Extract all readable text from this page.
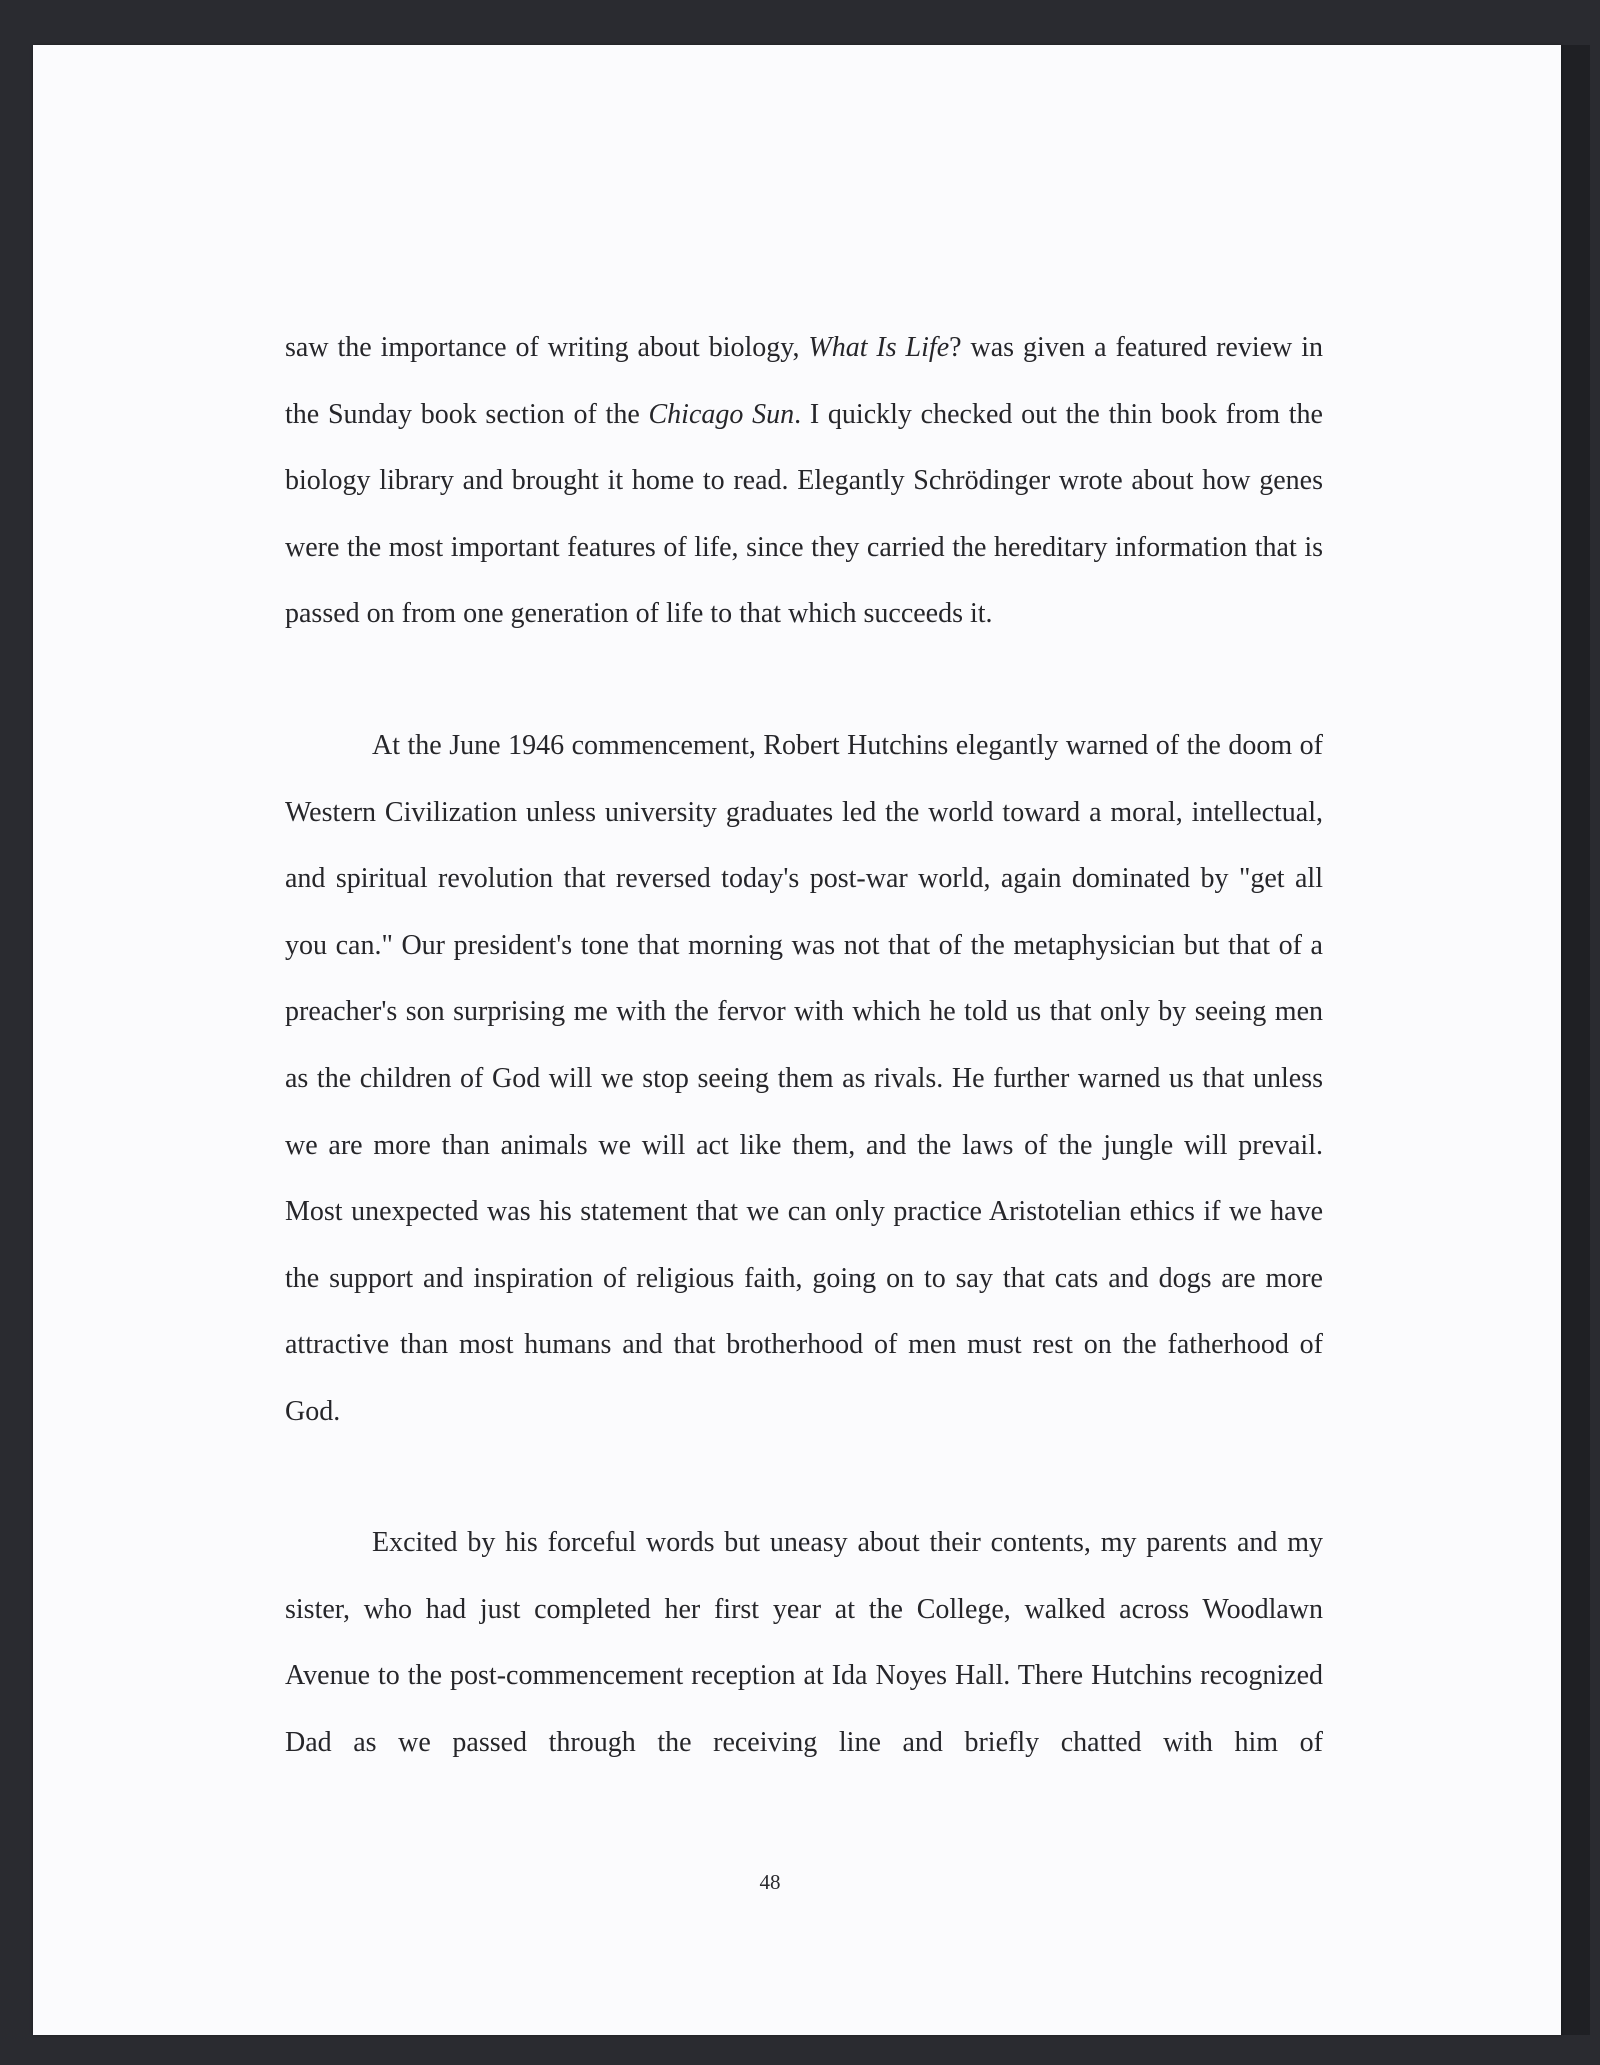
saw the importance of writing about biology, What Is Life? was given a featured review in the Sunday book section of the Chicago Sun. I quickly checked out the thin book from the biology library and brought it home to read. Elegantly Schrödinger wrote about how genes were the most important features of life, since they carried the hereditary information that is passed on from one generation of life to that which succeeds it.

At the June 1946 commencement, Robert Hutchins elegantly warned of the doom of Western Civilization unless university graduates led the world toward a moral, intellectual, and spiritual revolution that reversed today's post-war world, again dominated by "get all you can." Our president's tone that morning was not that of the metaphysician but that of a preacher's son surprising me with the fervor with which he told us that only by seeing men as the children of God will we stop seeing them as rivals. He further warned us that unless we are more than animals we will act like them, and the laws of the jungle will prevail. Most unexpected was his statement that we can only practice Aristotelian ethics if we have the support and inspiration of religious faith, going on to say that cats and dogs are more attractive than most humans and that brotherhood of men must rest on the fatherhood of God.

Excited by his forceful words but uneasy about their contents, my parents and my sister, who had just completed her first year at the College, walked across Woodlawn Avenue to the post-commencement reception at Ida Noyes Hall. There Hutchins recognized Dad as we passed through the receiving line and briefly chatted with him of

48
